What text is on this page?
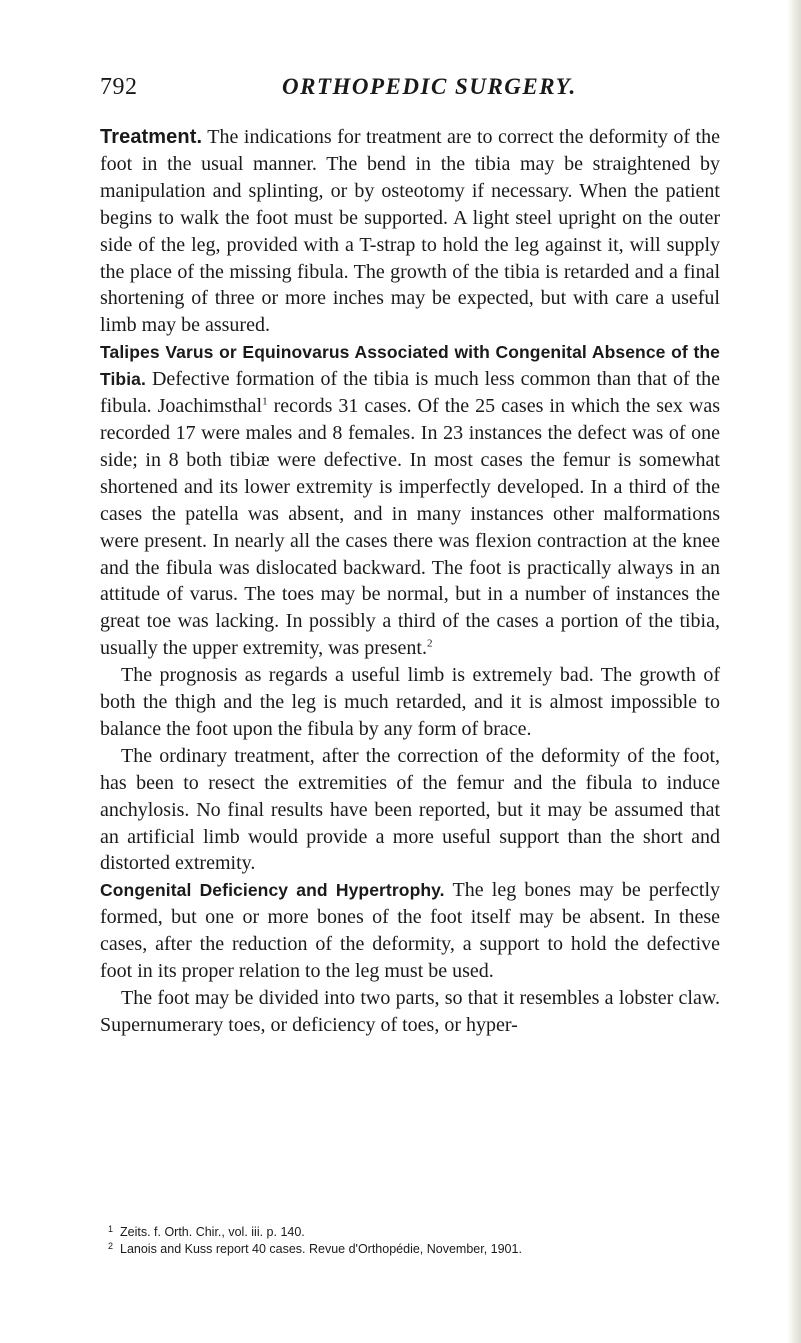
792	ORTHOPEDIC SURGERY.

Treatment. The indications for treatment are to correct the deformity of the foot in the usual manner. The bend in the tibia may be straightened by manipulation and splinting, or by osteotomy if necessary. When the patient begins to walk the foot must be supported. A light steel upright on the outer side of the leg, provided with a T-strap to hold the leg against it, will supply the place of the missing fibula. The growth of the tibia is retarded and a final shortening of three or more inches may be expected, but with care a useful limb may be assured.

Talipes Varus or Equinovarus Associated with Congenital Absence of the Tibia. Defective formation of the tibia is much less common than that of the fibula. Joachimsthal$^1$ records 31 cases. Of the 25 cases in which the sex was recorded 17 were males and 8 females. In 23 instances the defect was of one side; in 8 both tibiæ were defective. In most cases the femur is somewhat shortened and its lower extremity is imperfectly developed. In a third of the cases the patella was absent, and in many instances other malformations were present. In nearly all the cases there was flexion contraction at the knee and the fibula was dislocated backward. The foot is practically always in an attitude of varus. The toes may be normal, but in a number of instances the great toe was lacking. In possibly a third of the cases a portion of the tibia, usually the upper extremity, was present.$^2$

The prognosis as regards a useful limb is extremely bad. The growth of both the thigh and the leg is much retarded, and it is almost impossible to balance the foot upon the fibula by any form of brace.

The ordinary treatment, after the correction of the deformity of the foot, has been to resect the extremities of the femur and the fibula to induce anchylosis. No final results have been reported, but it may be assumed that an artificial limb would provide a more useful support than the short and distorted extremity.

Congenital Deficiency and Hypertrophy. The leg bones may be perfectly formed, but one or more bones of the foot itself may be absent. In these cases, after the reduction of the deformity, a support to hold the defective foot in its proper relation to the leg must be used.

The foot may be divided into two parts, so that it resembles a lobster claw. Supernumerary toes, or deficiency of toes, or hyper-

1 Zeits. f. Orth. Chir., vol. iii. p. 140.

2 Lanois and Kuss report 40 cases. Revue d'Orthopédie, November, 1901.
